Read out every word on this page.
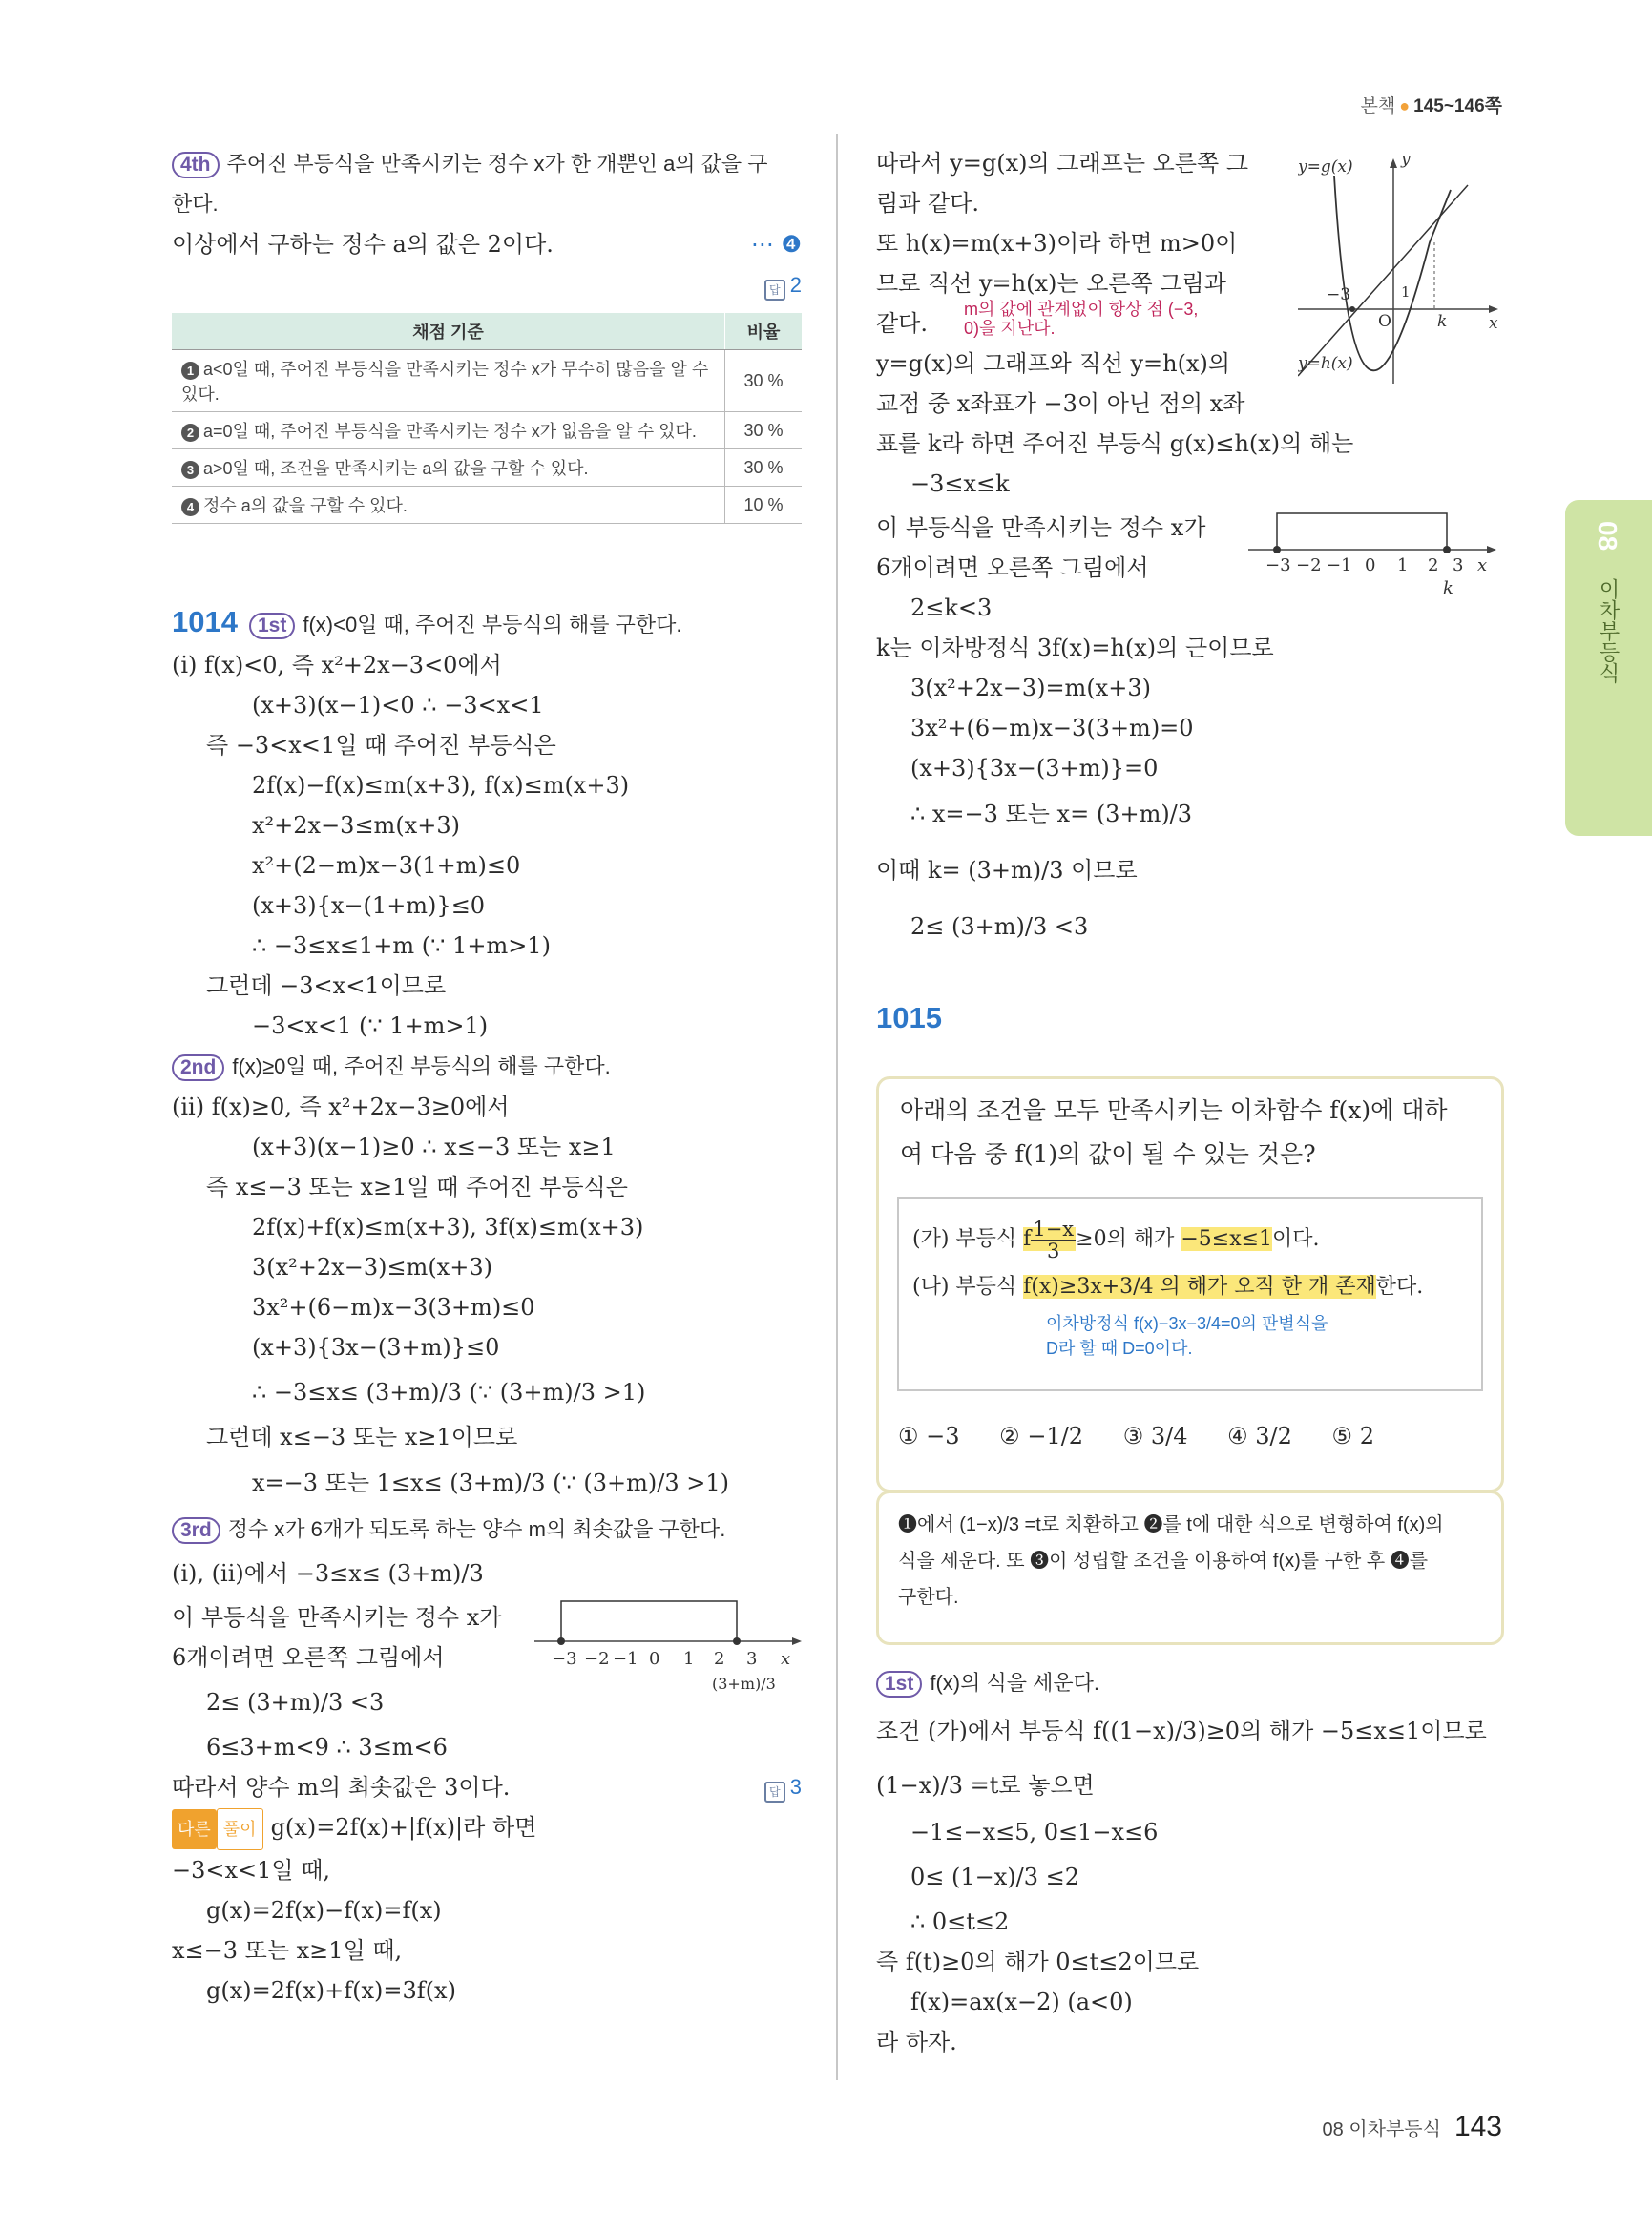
본책 ● 145~146쪽
08
이차부등식
4th 주어진 부등식을 만족시키는 정수 x가 한 개뿐인 a의 값을 구
한다.
이상에서 구하는 정수 a의 값은 2이다.	⋯ ❹
답 2
채점 기준	비율
1 a<0일 때, 주어진 부등식을 만족시키는 정수 x가 무수히 많음을 알 수 있다.	30 %
2 a=0일 때, 주어진 부등식을 만족시키는 정수 x가 없음을 알 수 있다.	30 %
3 a>0일 때, 조건을 만족시키는 a의 값을 구할 수 있다.	30 %
4 정수 a의 값을 구할 수 있다.	10 %
1014 1st f(x)<0일 때, 주어진 부등식의 해를 구한다.
(i) f(x)<0, 즉 x²+2x−3<0에서
(x+3)(x−1)<0 ∴ −3<x<1
즉 −3<x<1일 때 주어진 부등식은
2f(x)−f(x)≤m(x+3), f(x)≤m(x+3)
x²+2x−3≤m(x+3)
x²+(2−m)x−3(1+m)≤0
(x+3){x−(1+m)}≤0
∴ −3≤x≤1+m (∵ 1+m>1)
그런데 −3<x<1이므로
−3<x<1 (∵ 1+m>1)
2nd f(x)≥0일 때, 주어진 부등식의 해를 구한다.
(ii) f(x)≥0, 즉 x²+2x−3≥0에서
(x+3)(x−1)≥0 ∴ x≤−3 또는 x≥1
즉 x≤−3 또는 x≥1일 때 주어진 부등식은
2f(x)+f(x)≤m(x+3), 3f(x)≤m(x+3)
3(x²+2x−3)≤m(x+3)
3x²+(6−m)x−3(3+m)≤0
(x+3){3x−(3+m)}≤0
∴ −3≤x≤ (3+m)/3 (∵ (3+m)/3 >1)
그런데 x≤−3 또는 x≥1이므로
x=−3 또는 1≤x≤ (3+m)/3 (∵ (3+m)/3 >1)
3rd 정수 x가 6개가 되도록 하는 양수 m의 최솟값을 구한다.
(i), (ii)에서 −3≤x≤ (3+m)/3
이 부등식을 만족시키는 정수 x가
6개이려면 오른쪽 그림에서	−3 −2 −1 0 1 2 3 x
(3+m)/3
2≤ (3+m)/3 <3
6≤3+m<9 ∴ 3≤m<6
따라서 양수 m의 최솟값은 3이다.	답 3
다른 풀이 g(x)=2f(x)+|f(x)|라 하면
−3<x<1일 때,
g(x)=2f(x)−f(x)=f(x)
x≤−3 또는 x≥1일 때,
g(x)=2f(x)+f(x)=3f(x)
따라서 y=g(x)의 그래프는 오른쪽 그
림과 같다.
또 h(x)=m(x+3)이라 하면 m>0이
므로 직선 y=h(x)는 오른쪽 그림과
같다.
m의 값에 관계없이 항상 점 (−3, 0)을 지난다.
y=g(x)의 그래프와 직선 y=h(x)의
교점 중 x좌표가 −3이 아닌 점의 x좌
표를 k라 하면 주어진 부등식 g(x)≤h(x)의 해는
−3≤x≤k
y=g(x)	y
y=h(x)
−3
O	k	x
1
이 부등식을 만족시키는 정수 x가
6개이려면 오른쪽 그림에서	−3 −2 −1 0 1 2 3 x
k
2≤k<3
k는 이차방정식 3f(x)=h(x)의 근이므로
3(x²+2x−3)=m(x+3)
3x²+(6−m)x−3(3+m)=0
(x+3){3x−(3+m)}=0
∴ x=−3 또는 x= (3+m)/3
이때 k= (3+m)/3 이므로
2≤ (3+m)/3 <3
1015
아래의 조건을 모두 만족시키는 이차함수 f(x)에 대하
여 다음 중 f(1)의 값이 될 수 있는 것은?
① −3 ② −1/2 ③ 3/4 ④ 3/2 ⑤ 2
(가) 부등식 f $\frac{1-x}{3} \ge 0$의 해가 −5≤x≤1이다.
(나) 부등식 f(x)≥3x+3/4 의 해가 오직 한 개 존재한다.
이차방정식 f(x)−3x−3/4=0의 판별식을
D라 할 때 D=0이다.
❶에서 (1−x)/3 =t로 치환하고 ❷를 t에 대한 식으로 변형하여 f(x)의
식을 세운다. 또 ❸이 성립할 조건을 이용하여 f(x)를 구한 후 ❹를
구한다.
1st f(x)의 식을 세운다.
조건 (가)에서 부등식 f((1−x)/3)≥0의 해가 −5≤x≤1이므로
(1−x)/3 =t로 놓으면
−1≤−x≤5, 0≤1−x≤6
0≤ (1−x)/3 ≤2
∴ 0≤t≤2
즉 f(t)≥0의 해가 0≤t≤2이므로
f(x)=ax(x−2) (a<0)
라 하자.
08 이차부등식 143
